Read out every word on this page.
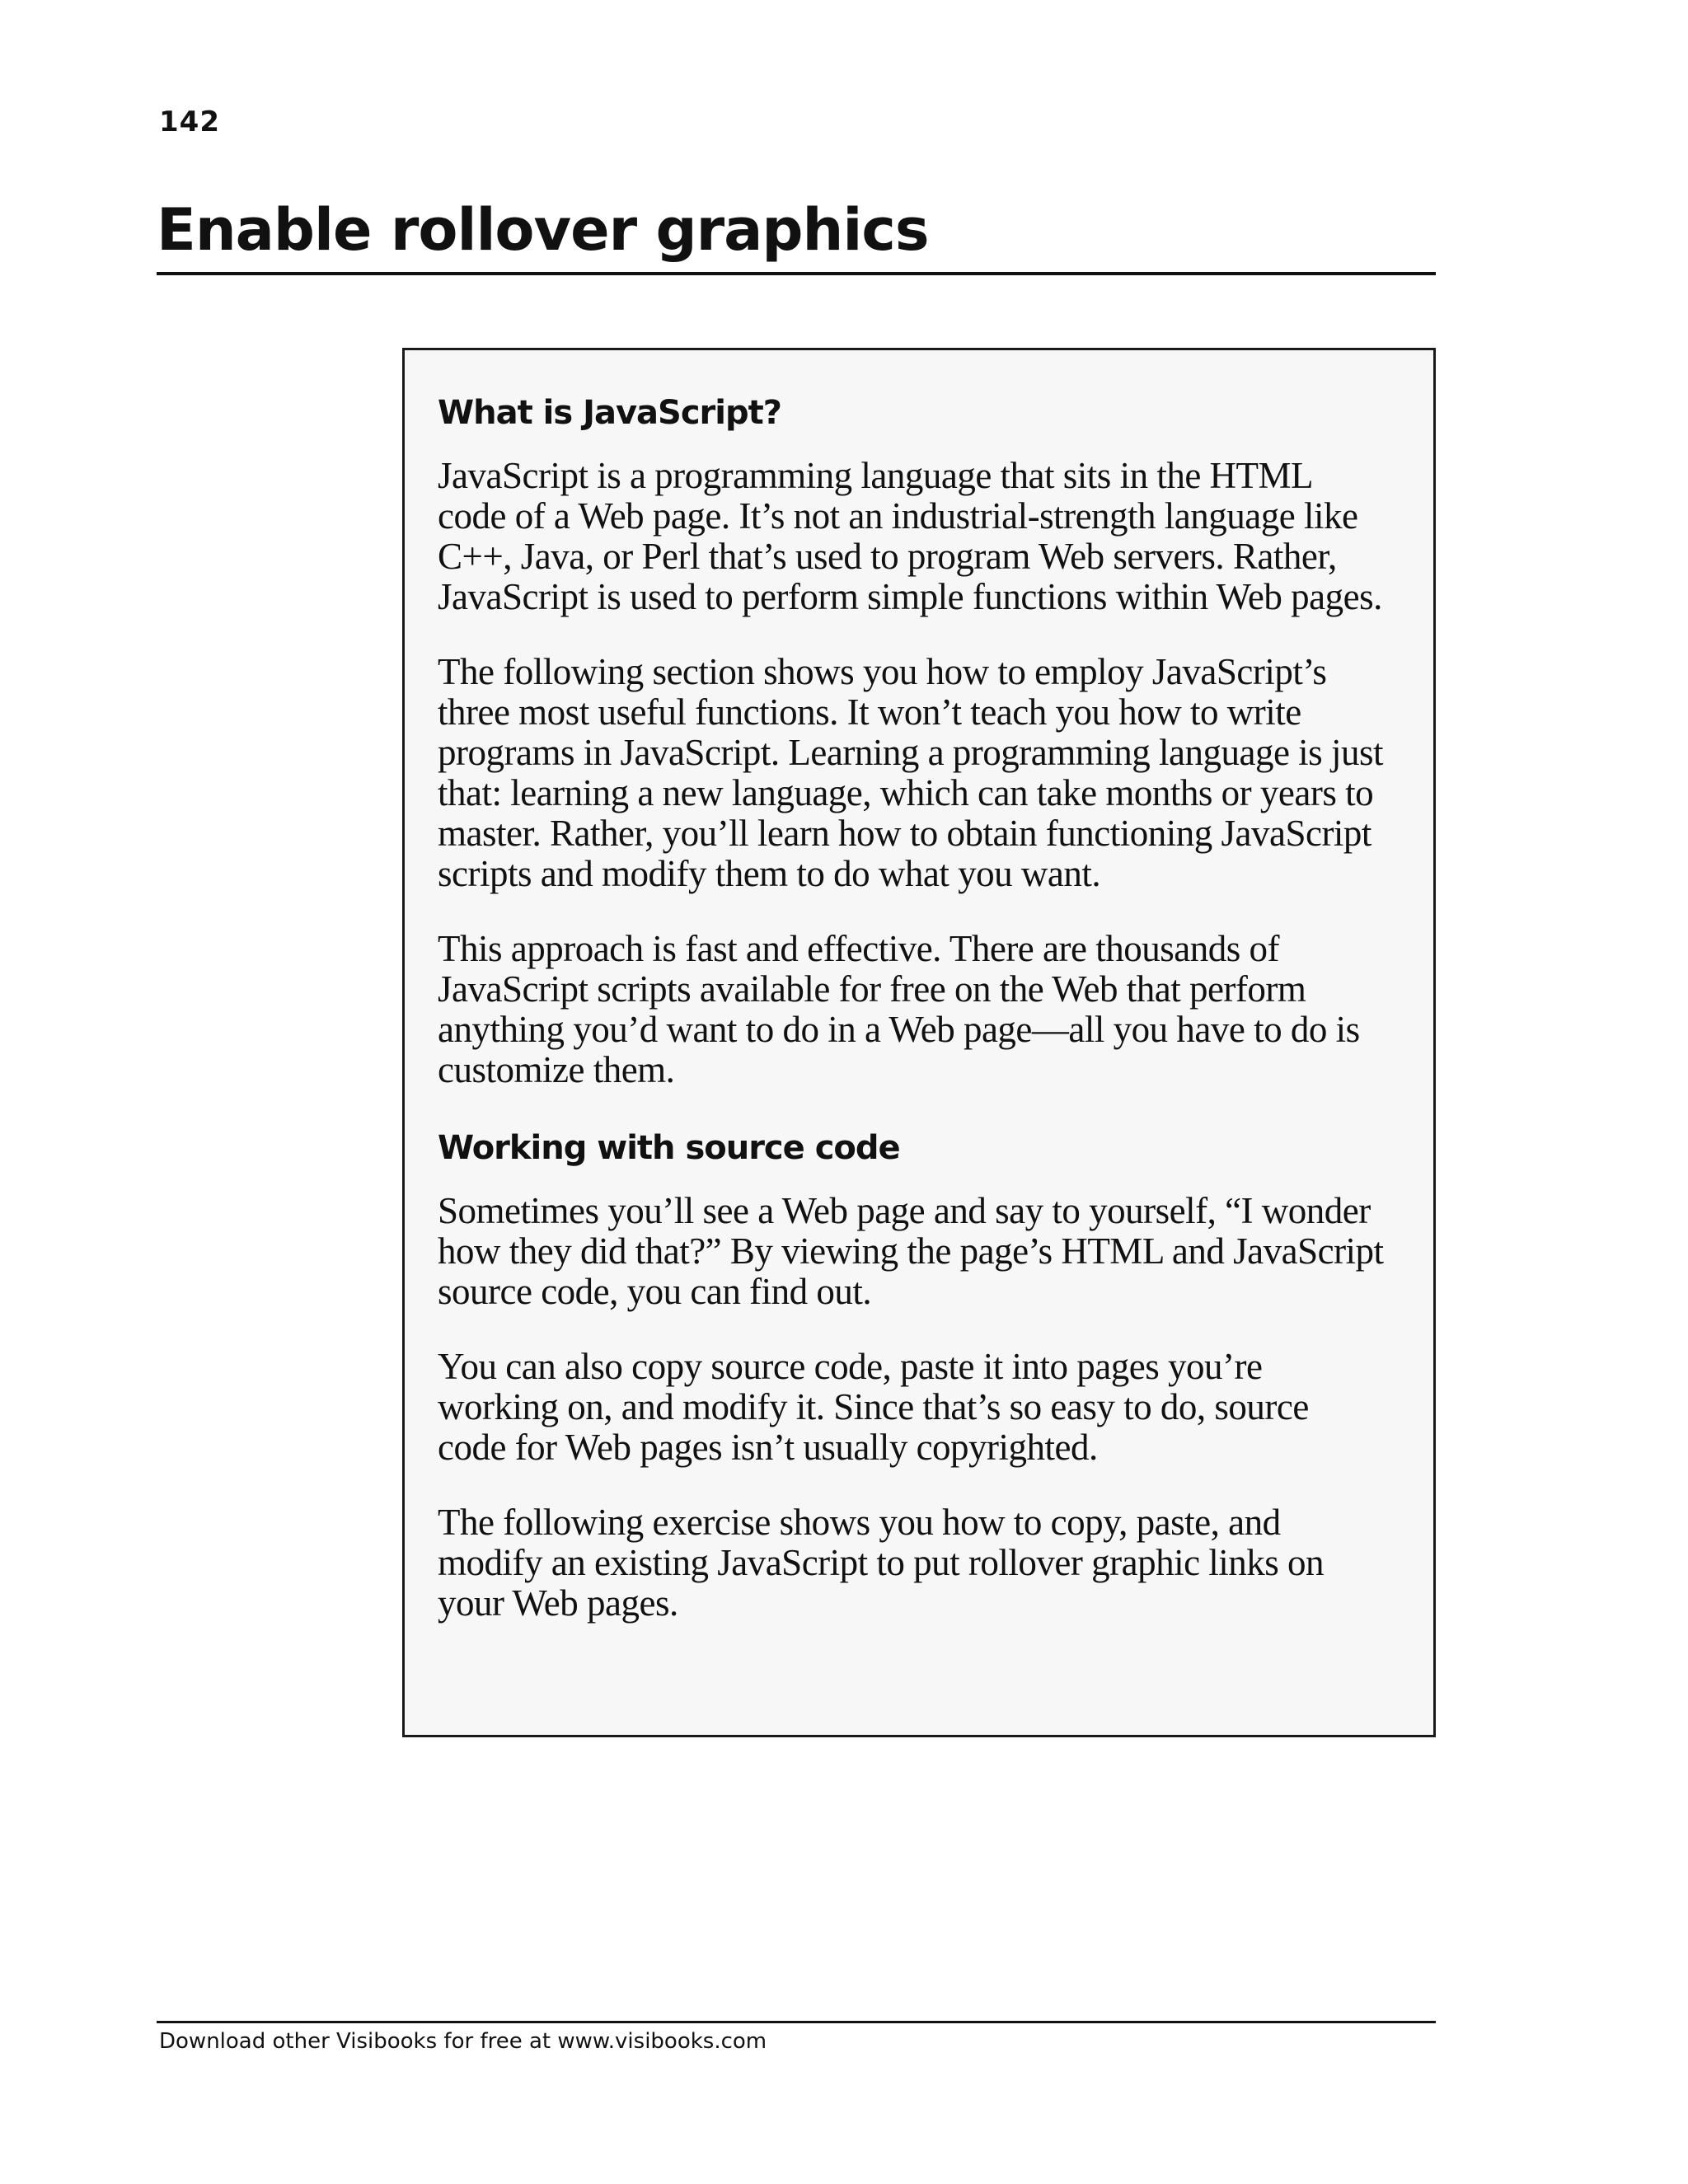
142
Enable rollover graphics
What is JavaScript?

JavaScript is a programming language that sits in the HTML code of a Web page. It’s not an industrial-strength language like C++, Java, or Perl that’s used to program Web servers. Rather, JavaScript is used to perform simple functions within Web pages.

The following section shows you how to employ JavaScript’s three most useful functions. It won’t teach you how to write programs in JavaScript. Learning a programming language is just that: learning a new language, which can take months or years to master. Rather, you’ll learn how to obtain functioning JavaScript scripts and modify them to do what you want.

This approach is fast and effective. There are thousands of JavaScript scripts available for free on the Web that perform anything you’d want to do in a Web page—all you have to do is customize them.

Working with source code

Sometimes you’ll see a Web page and say to yourself, “I wonder how they did that?” By viewing the page’s HTML and JavaScript source code, you can find out.

You can also copy source code, paste it into pages you’re working on, and modify it. Since that’s so easy to do, source code for Web pages isn’t usually copyrighted.

The following exercise shows you how to copy, paste, and modify an existing JavaScript to put rollover graphic links on your Web pages.

Download other Visibooks for free at www.visibooks.com
